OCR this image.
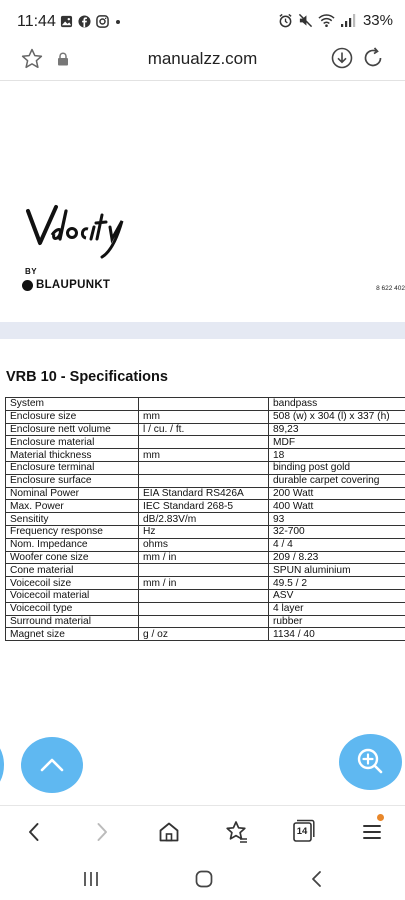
11:44	33%
manualzz.com
BY
BLAUPUNKT	8 622 402
VRB 10 - Specifications
System		bandpass
Enclosure size	mm	508 (w) x 304 (l) x 337 (h)
Enclosure nett volume	l / cu. / ft.	89,23
Enclosure material		MDF
Material thickness	mm	18
Enclosure terminal		binding post gold
Enclosure surface		durable carpet covering
Nominal Power	EIA Standard RS426A	200 Watt
Max. Power	IEC Standard 268-5	400 Watt
Sensitity	dB/2.83V/m	93
Frequency response	Hz	32-700
Nom. Impedance	ohms	4 / 4
Woofer cone size	mm / in	209 / 8.23
Cone material		SPUN aluminium
Voicecoil size	mm / in	49.5 / 2
Voicecoil material		ASV
Voicecoil type		4 layer
Surround material		rubber
Magnet size	g / oz	1134 / 40
14
